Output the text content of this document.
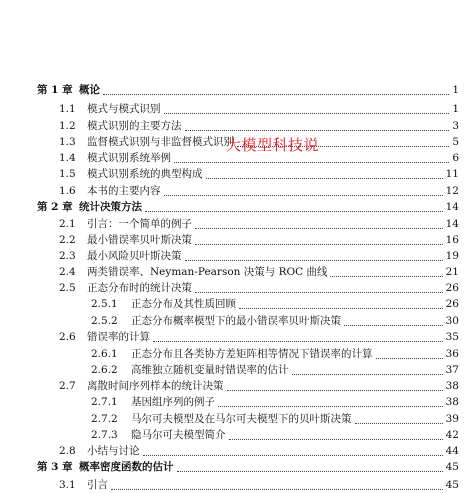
第 1 章 概论	1
1.1 模式与模式识别	1
1.2 模式识别的主要方法	3
1.3 监督模式识别与非监督模式识别	5
1.4 模式识别系统举例	6
1.5 模式识别系统的典型构成	11
1.6 本书的主要内容	12
第 2 章 统计决策方法	14
2.1 引言：一个简单的例子	14
2.2 最小错误率贝叶斯决策	16
2.3 最小风险贝叶斯决策	19
2.4 两类错误率、Neyman-Pearson 决策与 ROC 曲线	21
2.5 正态分布时的统计决策	26
2.5.1 正态分布及其性质回顾	26
2.5.2 正态分布概率模型下的最小错误率贝叶斯决策	30
2.6 错误率的计算	35
2.6.1 正态分布且各类协方差矩阵相等情况下错误率的计算	36
2.6.2 高维独立随机变量时错误率的估计	37
2.7 离散时间序列样本的统计决策	38
2.7.1 基因组序列的例子	38
2.7.2 马尔可夫模型及在马尔可夫模型下的贝叶斯决策	39
2.7.3 隐马尔可夫模型简介	42
2.8 小结与讨论	44
第 3 章 概率密度函数的估计	45
3.1 引言	45
大模型科技说
